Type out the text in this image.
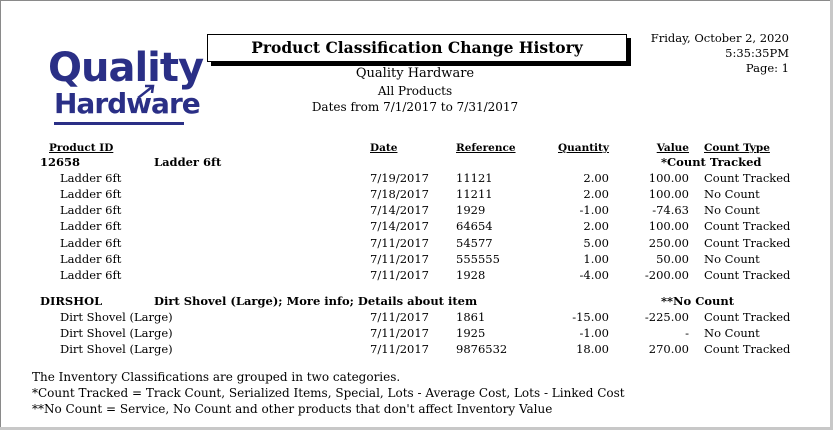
Quality
Hardware
Product Classification Change History
Quality Hardware
All Products
Dates from 7/1/2017 to 7/31/2017
Friday, October 2, 2020
5:35:35PM
Page: 1
Product ID	Date	Reference	Quantity	Value Count Type
12658	Ladder 6ft	*Count Tracked
Ladder 6ft	7/19/2017 11121	2.00	100.00 Count Tracked
Ladder 6ft	7/18/2017 11211	2.00	100.00 No Count
Ladder 6ft	7/14/2017 1929	-1.00	-74.63 No Count
Ladder 6ft	7/14/2017 64654	2.00	100.00 Count Tracked
Ladder 6ft	7/11/2017 54577	5.00	250.00 Count Tracked
Ladder 6ft	7/11/2017 555555	1.00	50.00 No Count
Ladder 6ft	7/11/2017 1928	-4.00	-200.00 Count Tracked
DIRSHOL	Dirt Shovel (Large); More info; Details about item	**No Count
Dirt Shovel (Large)	7/11/2017 1861	-15.00	-225.00 Count Tracked
Dirt Shovel (Large)	7/11/2017 1925	-1.00	- No Count
Dirt Shovel (Large)	7/11/2017 9876532	18.00	270.00 Count Tracked
The Inventory Classifications are grouped in two categories.
*Count Tracked = Track Count, Serialized Items, Special, Lots - Average Cost, Lots - Linked Cost
**No Count = Service, No Count and other products that don't affect Inventory Value
